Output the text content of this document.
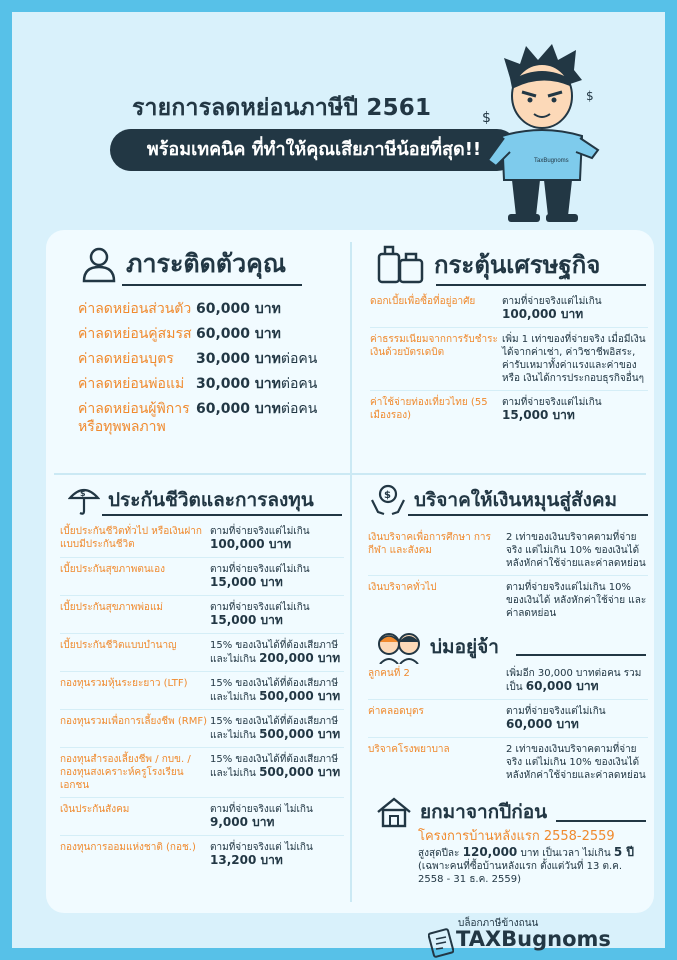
รายการลดหย่อนภาษีปี 2561
พร้อมเทคนิค ที่ทำให้คุณเสียภาษีน้อยที่สุด!!
TaxBugnoms
$
$
ภาระติดตัวคุณ
ค่าลดหย่อนส่วนตัว 60,000 บาท
ค่าลดหย่อนคู่สมรส 60,000 บาท
ค่าลดหย่อนบุตร	30,000 บาทต่อคน
ค่าลดหย่อนพ่อแม่ 30,000 บาทต่อคน
ค่าลดหย่อนผู้พิการ หรือทุพพลภาพ
60,000 บาทต่อคน
กระตุ้นเศรษฐกิจ
ดอกเบี้ยเพื่อซื้อที่อยู่อาศัย	ตามที่จ่ายจริงแต่ไม่เกิน
100,000 บาท
ค่าธรรมเนียมจากการรับชำระเงินด้วยบัตรเดบิต
เพิ่ม 1 เท่าของที่จ่ายจริง เมื่อมีเงินได้จากค่าเช่า, ค่าวิชาชีพอิสระ, ค่ารับเหมาทั้งค่าแรงและค่าของ หรือ เงินได้การประกอบธุรกิจอื่นๆ
ค่าใช้จ่ายท่องเที่ยวไทย (55 เมืองรอง)
ตามที่จ่ายจริงแต่ไม่เกิน
15,000 บาท
$ ประกันชีวิตและการลงทุน
เบี้ยประกันชีวิตทั่วไป หรือเงินฝากแบบมีประกันชีวิต
ตามที่จ่ายจริงแต่ไม่เกิน
100,000 บาท
เบี้ยประกันสุขภาพตนเอง	ตามที่จ่ายจริงแต่ไม่เกิน
15,000 บาท
เบี้ยประกันสุขภาพพ่อแม่	ตามที่จ่ายจริงแต่ไม่เกิน
15,000 บาท
เบี้ยประกันชีวิตแบบบำนาญ	15% ของเงินได้ที่ต้องเสียภาษี และไม่เกิน 200,000 บาท
กองทุนรวมหุ้นระยะยาว (LTF)	15% ของเงินได้ที่ต้องเสียภาษี และไม่เกิน 500,000 บาท
กองทุนรวมเพื่อการเลี้ยงชีพ (RMF) 15% ของเงินได้ที่ต้องเสียภาษี และไม่เกิน 500,000 บาท
กองทุนสำรองเลี้ยงชีพ / กบข. /กองทุนสงเคราะห์ครูโรงเรียนเอกชน
15% ของเงินได้ที่ต้องเสียภาษี และไม่เกิน 500,000 บาท
เงินประกันสังคม	ตามที่จ่ายจริงแต่ ไม่เกิน 9,000 บาท
กองทุนการออมแห่งชาติ (กอช.)	ตามที่จ่ายจริงแต่ ไม่เกิน 13,200 บาท
$ บริจาคให้เงินหมุนสู่สังคม
เงินบริจาคเพื่อการศึกษา การกีฬา และสังคม
2 เท่าของเงินบริจาคตามที่จ่ายจริง แต่ไม่เกิน 10% ของเงินได้หลังหักค่าใช้จ่ายและค่าลดหย่อน
เงินบริจาคทั่วไป	ตามที่จ่ายจริงแต่ไม่เกิน 10% ของเงินได้ หลังหักค่าใช้จ่าย และค่าลดหย่อน
บ่มอยู่จ้า
ลูกคนที่ 2	เพิ่มอีก 30,000 บาทต่อคน รวมเป็น 60,000 บาท
ค่าคลอดบุตร	ตามที่จ่ายจริงแต่ไม่เกิน
60,000 บาท
บริจาคโรงพยาบาล	2 เท่าของเงินบริจาคตามที่จ่ายจริง แต่ไม่เกิน 10% ของเงินได้หลังหักค่าใช้จ่ายและค่าลดหย่อน
ยกมาจากปีก่อน
โครงการบ้านหลังแรก 2558-2559
สูงสุดปีละ 120,000 บาท เป็นเวลา ไม่เกิน 5 ปี
(เฉพาะคนที่ซื้อบ้านหลังแรก ตั้งแต่วันที่ 13 ต.ค. 2558 - 31 ธ.ค. 2559)
บล็อกภาษีข้างถนน
TAXBugnoms
